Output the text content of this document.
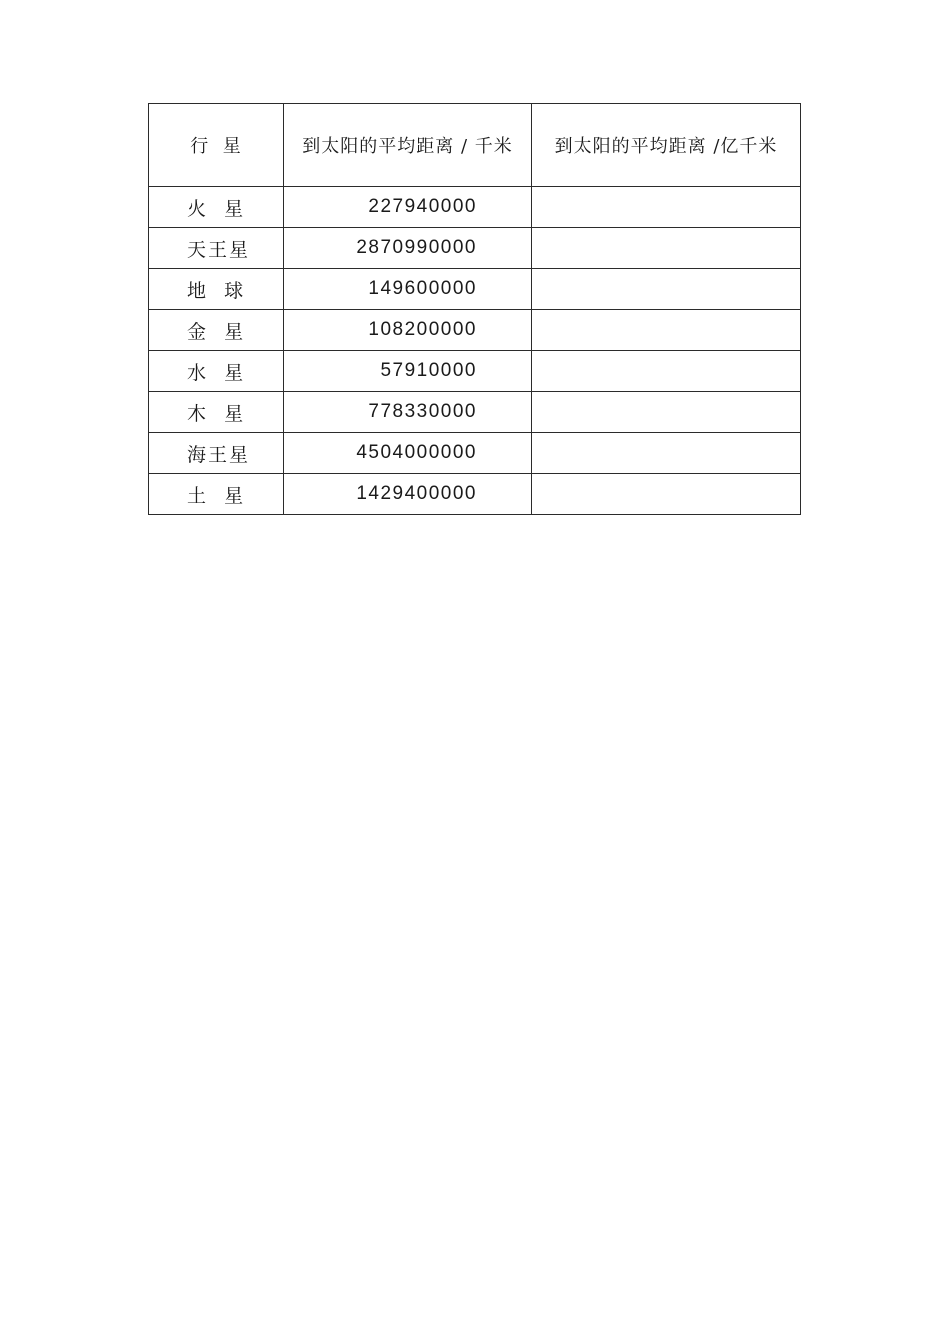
行  星	到太阳的平均距离 / 千米	到太阳的平均距离 /亿千米
火  星	227940000	
天王星	2870990000	
地  球	149600000	
金  星	108200000	
水  星	57910000	
木  星	778330000	
海王星	4504000000	
土  星	1429400000	
